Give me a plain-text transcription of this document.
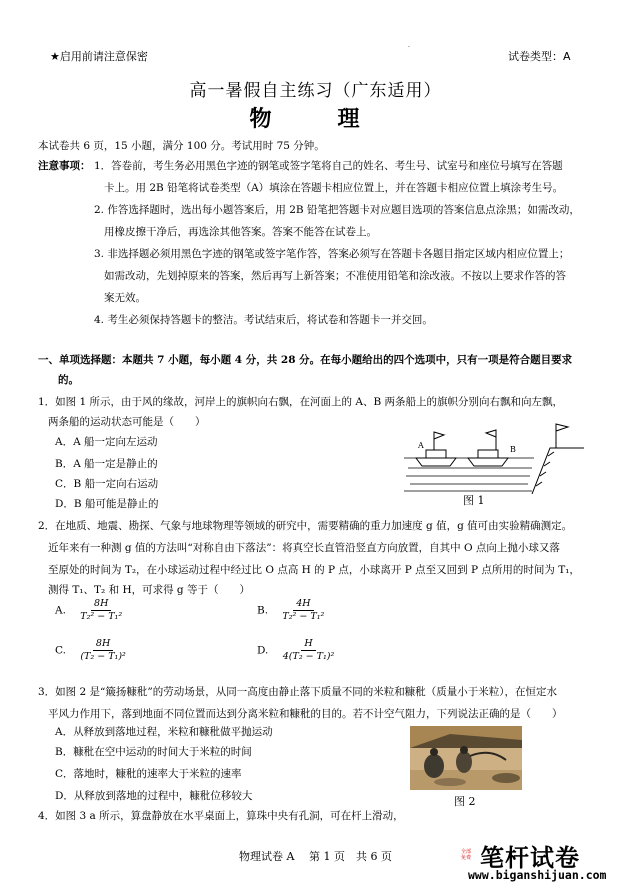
★启用前请注意保密
·
试卷类型：A
高一暑假自主练习（广东适用）
物　理
本试卷共 6 页，15 小题，满分 100 分。考试用时 75 分钟。
注意事项： 1．答卷前，考生务必用黑色字迹的钢笔或签字笔将自己的姓名、考生号、试室号和座位号填写在答题
卡上。用 2B 铅笔将试卷类型（A）填涂在答题卡相应位置上，并在答题卡相应位置上填涂考生号。
2. 作答选择题时，选出每小题答案后，用 2B 铅笔把答题卡对应题目选项的答案信息点涂黑；如需改动，
用橡皮擦干净后，再选涂其他答案。答案不能答在试卷上。
3. 非选择题必须用黑色字迹的钢笔或签字笔作答，答案必须写在答题卡各题目指定区域内相应位置上；
如需改动，先划掉原来的答案，然后再写上新答案；不准使用铅笔和涂改液。不按以上要求作答的答
案无效。
4. 考生必须保持答题卡的整洁。考试结束后，将试卷和答题卡一并交回。
一、单项选择题：本题共 7 小题，每小题 4 分，共 28 分。在每小题给出的四个选项中，只有一项是符合题目要求
的。
1．如图 1 所示，由于风的缘故，河岸上的旗帜向右飘，在河面上的 A、B 两条船上的旗帜分别向右飘和向左飘，
两条船的运动状态可能是（　　）
A．A 船一定向左运动
B．A 船一定是静止的
C．B 船一定向右运动
D．B 船可能是静止的
A	B
图 1
2．在地质、地震、勘探、气象与地球物理等领域的研究中，需要精确的重力加速度 g 值，g 值可由实验精确测定。
近年来有一种测 g 值的方法叫“对称自由下落法”：将真空长直管沿竖直方向放置，自其中 O 点向上抛小球又落
至原处的时间为 T₂，在小球运动过程中经过比 O 点高 H 的 P 点，小球离开 P 点至又回到 P 点所用的时间为 T₁，
测得 T₁、T₂ 和 H，可求得 g 等于（　　）
A. $\frac{8H}{\text{T₂² − T₁²}}$	B. $\frac{4H}{\text{T₂² − T₁²}}$
C. $\frac{8H}{\text{(T₂ − T₁)²}}$	D. $\frac{H}{\text{4(T₂ − T₁)²}}$
3．如图 2 是“簸扬糠秕”的劳动场景，从同一高度由静止落下质量不同的米粒和糠秕（质量小于米粒），在恒定水
平风力作用下，落到地面不同位置而达到分离米粒和糠秕的目的。若不计空气阻力，下列说法正确的是（　　）
A．从释放到落地过程，米粒和糠秕做平抛运动
B．糠秕在空中运动的时间大于米粒的时间
C．落地时，糠秕的速率大于米粒的速率
D．从释放到落地的过程中，糠秕位移较大	图 2
4．如图 3 a 所示，算盘静放在水平桌面上，算珠中央有孔洞，可在杆上滑动，
物理试卷 A　 第 1 页　共 6 页	全部免费 笔杆试卷
www.biganshijuan.com
